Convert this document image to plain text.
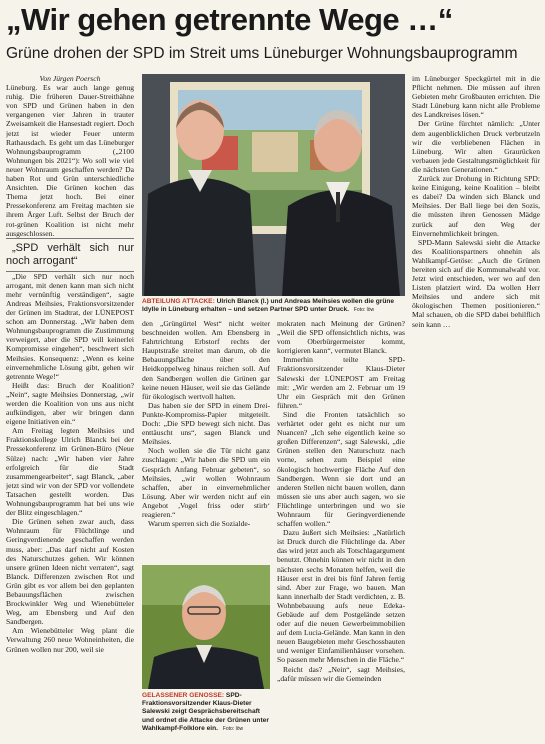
„Wir gehen getrennte Wege …“
Grüne drohen der SPD im Streit ums Lüneburger Wohnungsbauprogramm

Von Jürgen Poersch

Lüneburg. Es war auch lange genug ruhig. Die früheren Dauer-Streithähne von SPD und Grünen haben in den vergangenen vier Jahren in trauter Zweisamkeit die Hansestadt regiert. Doch jetzt ist wieder Feuer unterm Rathausdach. Es geht um das Lüneburger Wohnungsbauprogramm („2100 Wohnungen bis 2021“): Wo soll wie viel neuer Wohnraum geschaffen werden? Da haben Rot und Grün unterschiedliche Ansichten. Die Grünen kochen das Thema jetzt hoch. Bei einer Pressekonferenz am Freitag machten sie ihrem Ärger Luft. Selbst der Bruch der rot-grünen Koalition ist nicht mehr ausgeschlossen.

„SPD verhält sich nur noch arrogant“

„Die SPD verhält sich nur noch arrogant, mit denen kann man sich nicht mehr vernünftig verständigen“, sagte Andreas Meihsies, Fraktionsvorsitzender der Grünen im Stadtrat, der LÜNEPOST schon am Donnerstag. „Wir haben dem Wohnungsbauprogramm die Zustimmung verweigert, aber die SPD will keinerlei Kompromisse eingehen“, beschwert sich Meihsies. Konsequenz: „Wenn es keine einvernehmliche Lösung gibt, gehen wir getrennte Wege!“

Heißt das: Bruch der Koalition? „Nein“, sagte Meihsies Donnerstag, „wir werden die Koalition von uns aus nicht aufkündigen, aber wir bringen dann eigene Initiativen ein.“

Am Freitag legten Meihsies und Fraktionskollege Ulrich Blanck bei der Pressekonferenz im Grünen-Büro (Neue Sülze) nach: „Wir haben vier Jahre erfolgreich für die Stadt zusammengearbeitet“, sagt Blanck, „aber jetzt sind wir von der SPD vor vollendete Tatsachen gestellt worden. Das Wohnungsbauprogramm hat bei uns wie der Blitz eingeschlagen.“

Die Grünen sehen zwar auch, dass Wohnraum für Flüchtlinge und Geringverdienende geschaffen werden muss, aber: „Das darf nicht auf Kosten des Naturschutzes gehen. Wir können unsere grünen Ideen nicht verraten“, sagt Blanck. Differenzen zwischen Rot und Grün gibt es vor allem bei den geplanten Bebauungsflächen zwischen Brockwinkler Weg und Wienebütteler Weg, am Ebensberg und Auf den Sandbergen.

Am Wienebütteler Weg plant die Verwaltung 260 neue Wohneinheiten, die Grünen wollen nur 200, weil sie

ABTEILUNG ATTACKE: Ulrich Blanck (l.) und Andreas Meihsies wollen die grüne Idylle in Lüneburg erhalten – und setzen Partner SPD unter Druck. Foto: löw

den „Grüngürtel West“ nicht weiter beschneiden wollen. Am Ebensberg in Fahrtrichtung Erbstorf rechts der Hauptstraße streitet man darum, ob die Bebauungsfläche über den Heidkoppelweg hinaus reichen soll. Auf den Sandbergen wollen die Grünen gar keine neuen Häuser, weil sie das Gelände für ökologisch wertvoll halten.

Das haben sie der SPD in einem Drei-Punkte-Kompromiss-Papier mitgeteilt. Doch: „Die SPD bewegt sich nicht. Das enttäuscht uns“, sagen Blanck und Meihsies.

Noch wollen sie die Tür nicht ganz zuschlagen: „Wir haben die SPD um ein Gespräch Anfang Februar gebeten“, so Meihsies, „wir wollen Wohnraum schaffen, aber in einvernehmlicher Lösung. Aber wir werden nicht auf ein Angebot ,Vogel friss oder stirb‘ reagieren.“

Warum sperren sich die Sozialde-

GELASSENER GENOSSE: SPD-Fraktionsvorsitzender Klaus-Dieter Salewski zeigt Gesprächsbereitschaft und ordnet die Attacke der Grünen unter Wahlkampf-Folklore ein. Foto: löw

mokraten nach Meinung der Grünen? „Weil die SPD offensichtlich nichts, was vom Oberbürgermeister kommt, korrigieren kann“, vermutet Blanck.

Immerhin teilte SPD-Fraktionsvorsitzender Klaus-Dieter Salewski der LÜNEPOST am Freitag mit: „Wir werden am 2. Februar um 19 Uhr ein Gespräch mit den Grünen führen.“

Sind die Fronten tatsächlich so verhärtet oder geht es nicht nur um Nuancen? „Ich sehe eigentlich keine so großen Differenzen“, sagt Salewski, „die Grünen stellen den Naturschutz nach vorne, sehen zum Beispiel eine ökologisch hochwertige Fläche Auf den Sandbergen. Wenn sie dort und an anderen Stellen nicht bauen wollen, dann müssen sie uns aber auch sagen, wo sie Flüchtlinge unterbringen und wo sie Wohnraum für Geringverdienende schaffen wollen.“

Dazu äußert sich Meihsies: „Natürlich ist Druck durch die Flüchtlinge da. Aber das wird jetzt auch als Totschlagargument benutzt. Ohnehin können wir nicht in den nächsten sechs Monaten helfen, weil die Häuser erst in drei bis fünf Jahren fertig sind. Aber zur Frage, wo bauen. Man kann innerhalb der Stadt verdichten, z. B. Wohnbebauung aufs neue Edeka-Gebäude auf dem Postgelände setzen oder auf die neuen Gewerbeimmobilien auf dem Lucia-Gelände. Man kann in den neuen Baugebieten mehr Geschossbauten und weniger Einfamilienhäuser vorsehen. So passen mehr Menschen in die Fläche.“

Reicht das? „Nein“, sagt Meihsies, „dafür müssen wir die Gemeinden

im Lüneburger Speckgürtel mit in die Pflicht nehmen. Die müssen auf ihren Gebieten mehr Großbauten errichten. Die Stadt Lüneburg kann nicht alle Probleme des Landkreises lösen.“

Der Grüne fürchtet nämlich: „Unter dem augenblicklichen Druck verbrutzeln wir die verbliebenen Flächen in Lüneburg. Wir alten Graurücken verbauen jede Gestaltungsmöglichkeit für die nächsten Generationen.“

Zurück zur Drohung in Richtung SPD: keine Einigung, keine Koalition – bleibt es dabei? Da winden sich Blanck und Meihsies. Der Ball liege bei den Sozis, die müssten ihren Genossen Mädge zurück auf den Weg der Einvernehmlichkeit bringen.

SPD-Mann Salewski sieht die Attacke des Koalitionspartners ohnehin als Wahlkampf-Getöse: „Auch die Grünen bereiten sich auf die Kommunalwahl vor. Jetzt wird entschieden, wer wo auf den Listen platziert wird. Da wollen Herr Meihsies und andere sich mit ökologischen Themen positionieren.“ Mal schauen, ob die SPD dabei behilflich sein kann …
